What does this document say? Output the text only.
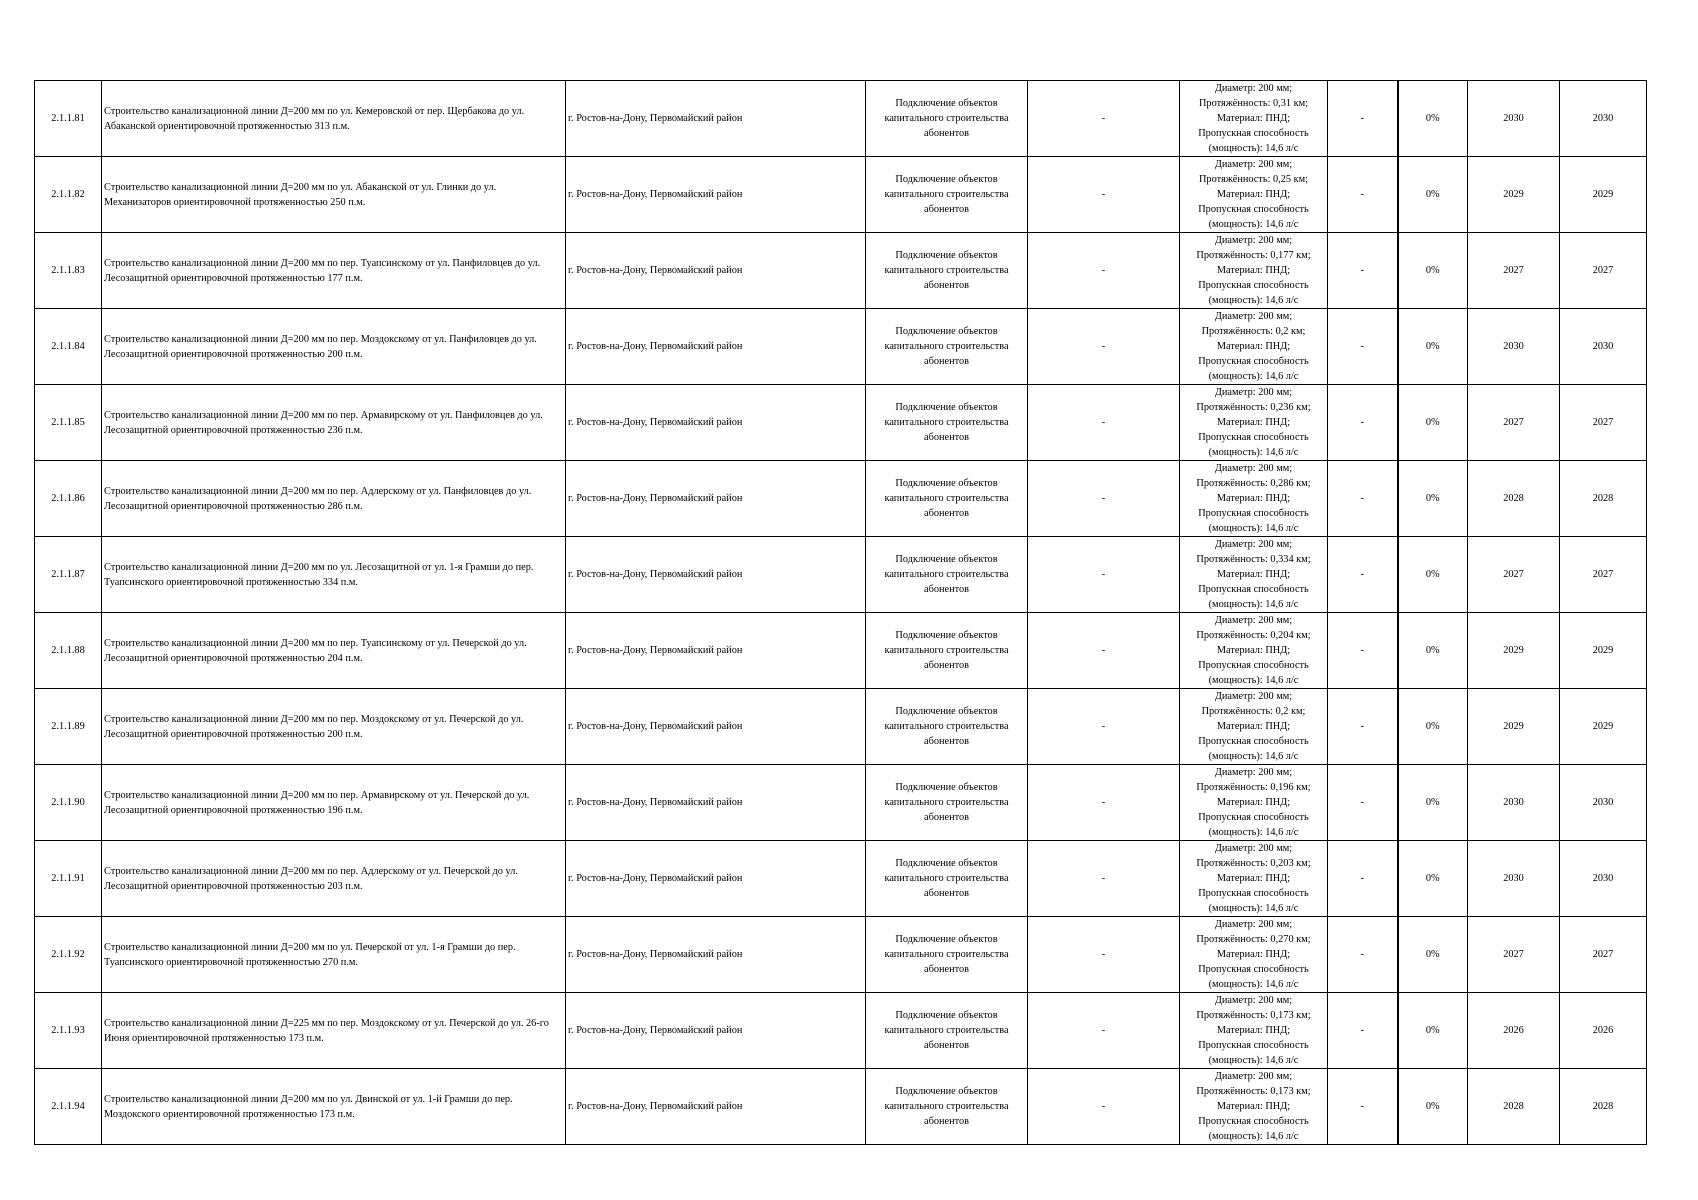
2.1.1.81	Строительство канализационной линии Д=200 мм по ул. Кемеровской от пер. Щербакова до ул. Абаканской ориентировочной протяженностью 313 п.м.	г. Ростов-на-Дону, Первомайский район	Подключение объектов капитального строительства абонентов	-	Диаметр: 200 мм;
Протяжённость: 0,31 км;
Материал: ПНД;
Пропускная способность (мощность): 14,6 л/с	-	0%	2030	2030
2.1.1.82	Строительство канализационной линии Д=200 мм по ул. Абаканской от ул. Глинки до ул. Механизаторов ориентировочной протяженностью 250 п.м.	г. Ростов-на-Дону, Первомайский район	Подключение объектов капитального строительства абонентов	-	Диаметр: 200 мм;
Протяжённость: 0,25 км;
Материал: ПНД;
Пропускная способность (мощность): 14,6 л/с	-	0%	2029	2029
2.1.1.83	Строительство канализационной линии Д=200 мм по пер. Туапсинскому от ул. Панфиловцев до ул. Лесозащитной ориентировочной протяженностью 177 п.м.	г. Ростов-на-Дону, Первомайский район	Подключение объектов капитального строительства абонентов	-	Диаметр: 200 мм;
Протяжённость: 0,177 км;
Материал: ПНД;
Пропускная способность (мощность): 14,6 л/с	-	0%	2027	2027
2.1.1.84	Строительство канализационной линии Д=200 мм по пер. Моздокскому от ул. Панфиловцев до ул. Лесозащитной ориентировочной протяженностью 200 п.м.	г. Ростов-на-Дону, Первомайский район	Подключение объектов капитального строительства абонентов	-	Диаметр: 200 мм;
Протяжённость: 0,2 км;
Материал: ПНД;
Пропускная способность (мощность): 14,6 л/с	-	0%	2030	2030
2.1.1.85	Строительство канализационной линии Д=200 мм по пер. Армавирскому от ул. Панфиловцев до ул. Лесозащитной ориентировочной протяженностью 236 п.м.	г. Ростов-на-Дону, Первомайский район	Подключение объектов капитального строительства абонентов	-	Диаметр: 200 мм;
Протяжённость: 0,236 км;
Материал: ПНД;
Пропускная способность (мощность): 14,6 л/с	-	0%	2027	2027
2.1.1.86	Строительство канализационной линии Д=200 мм по пер. Адлерскому от ул. Панфиловцев до ул. Лесозащитной ориентировочной протяженностью 286 п.м.	г. Ростов-на-Дону, Первомайский район	Подключение объектов капитального строительства абонентов	-	Диаметр: 200 мм;
Протяжённость: 0,286 км;
Материал: ПНД;
Пропускная способность (мощность): 14,6 л/с	-	0%	2028	2028
2.1.1.87	Строительство канализационной линии Д=200 мм по ул. Лесозащитной от ул. 1-я Грамши до пер. Туапсинского ориентировочной протяженностью 334 п.м.	г. Ростов-на-Дону, Первомайский район	Подключение объектов капитального строительства абонентов	-	Диаметр: 200 мм;
Протяжённость: 0,334 км;
Материал: ПНД;
Пропускная способность (мощность): 14,6 л/с	-	0%	2027	2027
2.1.1.88	Строительство канализационной линии Д=200 мм по пер. Туапсинскому от ул. Печерской до ул. Лесозащитной ориентировочной протяженностью 204 п.м.	г. Ростов-на-Дону, Первомайский район	Подключение объектов капитального строительства абонентов	-	Диаметр: 200 мм;
Протяжённость: 0,204 км;
Материал: ПНД;
Пропускная способность (мощность): 14,6 л/с	-	0%	2029	2029
2.1.1.89	Строительство канализационной линии Д=200 мм по пер. Моздокскому от ул. Печерской до ул. Лесозащитной ориентировочной протяженностью 200 п.м.	г. Ростов-на-Дону, Первомайский район	Подключение объектов капитального строительства абонентов	-	Диаметр: 200 мм;
Протяжённость: 0,2 км;
Материал: ПНД;
Пропускная способность (мощность): 14,6 л/с	-	0%	2029	2029
2.1.1.90	Строительство канализационной линии Д=200 мм по пер. Армавирскому от ул. Печерской до ул. Лесозащитной ориентировочной протяженностью 196 п.м.	г. Ростов-на-Дону, Первомайский район	Подключение объектов капитального строительства абонентов	-	Диаметр: 200 мм;
Протяжённость: 0,196 км;
Материал: ПНД;
Пропускная способность (мощность): 14,6 л/с	-	0%	2030	2030
2.1.1.91	Строительство канализационной линии Д=200 мм по пер. Адлерскому от ул. Печерской до ул. Лесозащитной ориентировочной протяженностью 203 п.м.	г. Ростов-на-Дону, Первомайский район	Подключение объектов капитального строительства абонентов	-	Диаметр: 200 мм;
Протяжённость: 0,203 км;
Материал: ПНД;
Пропускная способность (мощность): 14,6 л/с	-	0%	2030	2030
2.1.1.92	Строительство канализационной линии Д=200 мм по ул. Печерской от ул. 1-я Грамши до пер. Туапсинского ориентировочной протяженностью 270 п.м.	г. Ростов-на-Дону, Первомайский район	Подключение объектов капитального строительства абонентов	-	Диаметр: 200 мм;
Протяжённость: 0,270 км;
Материал: ПНД;
Пропускная способность (мощность): 14,6 л/с	-	0%	2027	2027
2.1.1.93	Строительство канализационной линии Д=225 мм по пер. Моздокскому от ул. Печерской до ул. 26-го Июня ориентировочной протяженностью 173 п.м.	г. Ростов-на-Дону, Первомайский район	Подключение объектов капитального строительства абонентов	-	Диаметр: 200 мм;
Протяжённость: 0,173 км;
Материал: ПНД;
Пропускная способность (мощность): 14,6 л/с	-	0%	2026	2026
2.1.1.94	Строительство канализационной линии Д=200 мм по ул. Двинской от ул. 1-й Грамши до пер. Моздокского ориентировочной протяженностью 173 п.м.	г. Ростов-на-Дону, Первомайский район	Подключение объектов капитального строительства абонентов	-	Диаметр: 200 мм;
Протяжённость: 0,173 км;
Материал: ПНД;
Пропускная способность (мощность): 14,6 л/с	-	0%	2028	2028
